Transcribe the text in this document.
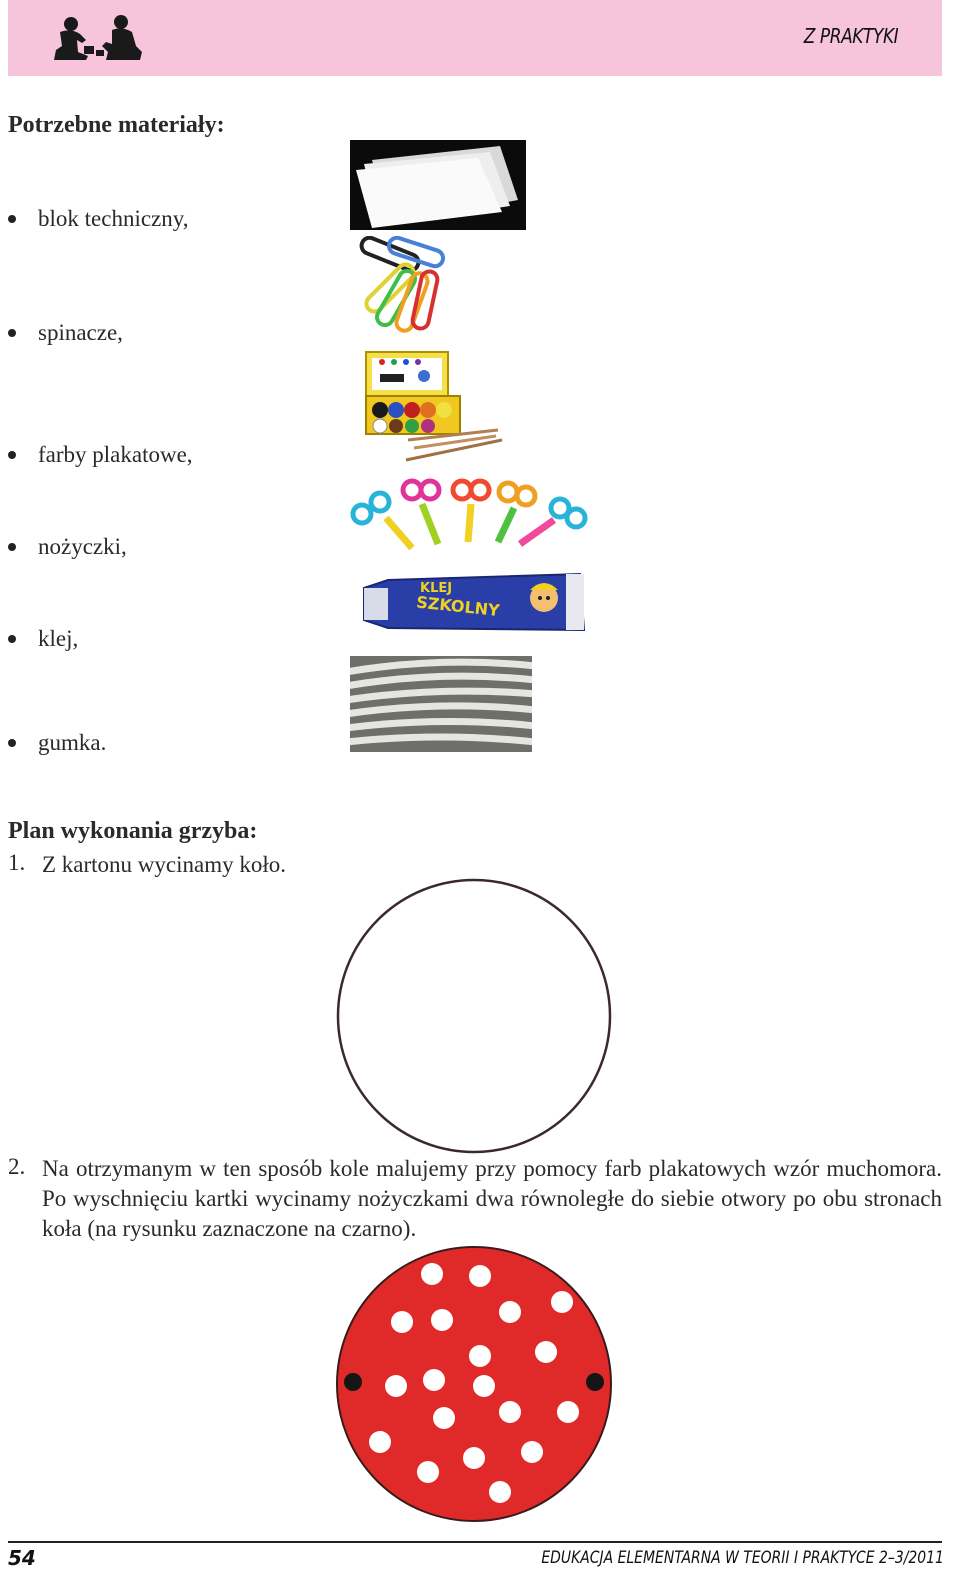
Z PRAKTYKI
Potrzebne materiały:
blok techniczny,
spinacze,
farby plakatowe,
nożyczki,
klej,
gumka.
KLEJ
SZKOLNY
Plan wykonania grzyba:
1. Z kartonu wycinamy koło.
2. Na otrzymanym w ten sposób kole malujemy przy pomocy farb plakatowych wzór muchomora. Po wyschnięciu kartki wycinamy nożyczkami dwa równoległe do siebie otwory po obu stronach koła (na rysunku zaznaczone na czarno).
54	EDUKACJA ELEMENTARNA W TEORII I PRAKTYCE 2–3/2011
